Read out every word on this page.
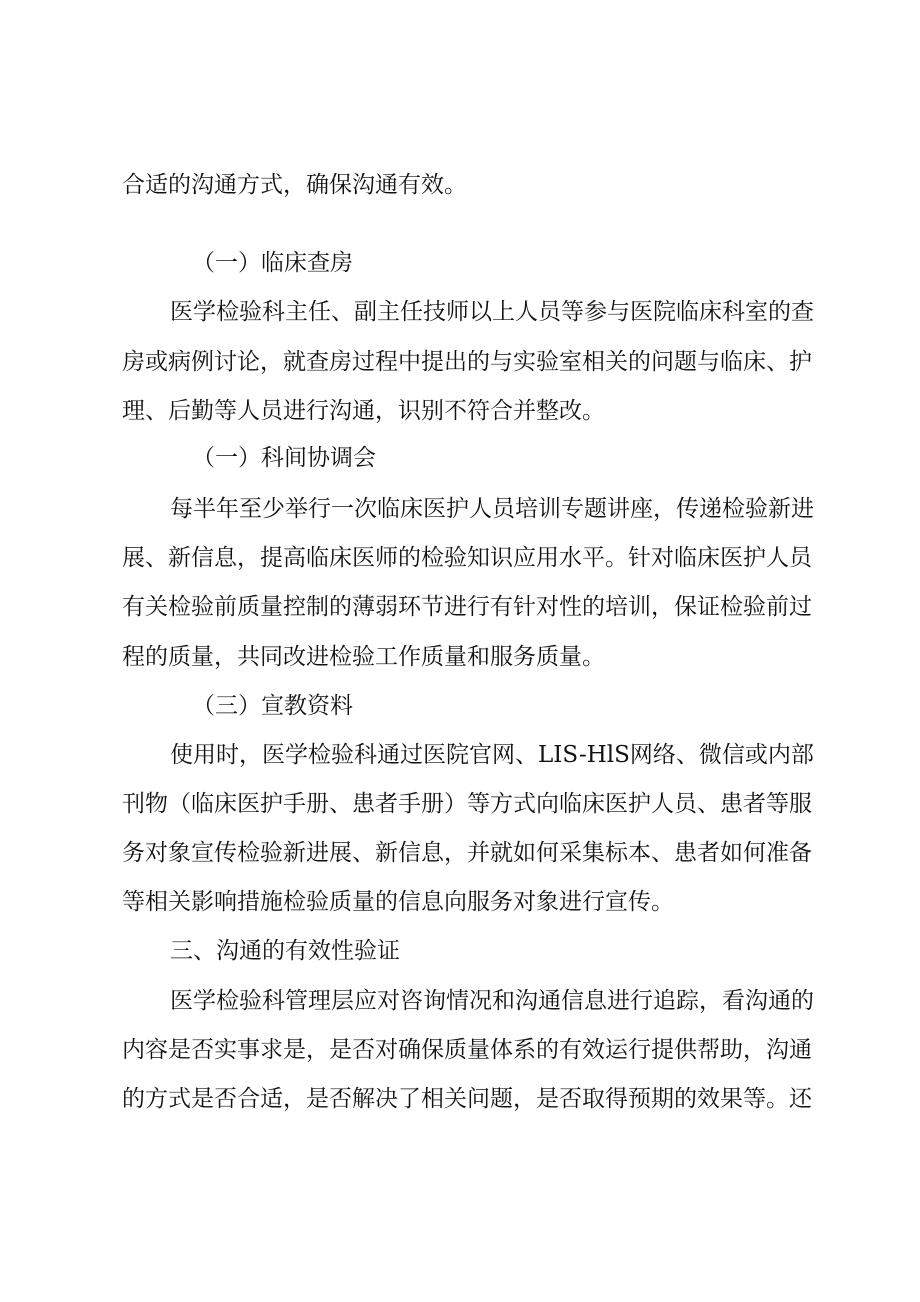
合适的沟通方式，确保沟通有效。

（一）临床查房

医学检验科主任、副主任技师以上人员等参与医院临床科室的查

房或病例讨论，就查房过程中提出的与实验室相关的问题与临床、护

理、后勤等人员进行沟通，识别不符合并整改。

（一）科间协调会

每半年至少举行一次临床医护人员培训专题讲座，传递检验新进

展、新信息，提高临床医师的检验知识应用水平。针对临床医护人员

有关检验前质量控制的薄弱环节进行有针对性的培训，保证检验前过

程的质量，共同改进检验工作质量和服务质量。

（三）宣教资料

使用时，医学检验科通过医院官网、LIS-HlS网络、微信或内部

刊物（临床医护手册、患者手册）等方式向临床医护人员、患者等服

务对象宣传检验新进展、新信息，并就如何采集标本、患者如何准备

等相关影响措施检验质量的信息向服务对象进行宣传。

三、沟通的有效性验证

医学检验科管理层应对咨询情况和沟通信息进行追踪，看沟通的

内容是否实事求是，是否对确保质量体系的有效运行提供帮助，沟通

的方式是否合适，是否解决了相关问题，是否取得预期的效果等。还
